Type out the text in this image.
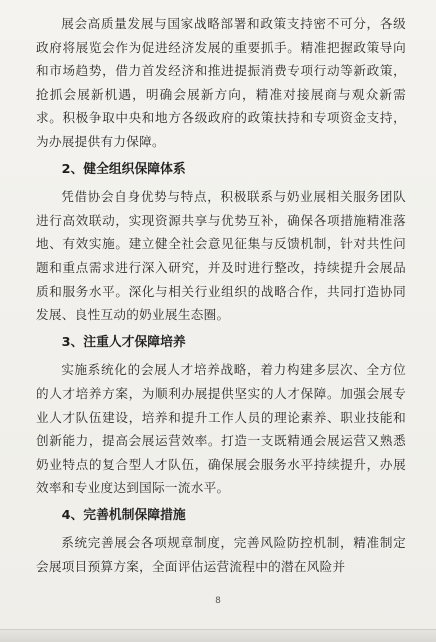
展会高质量发展与国家战略部署和政策支持密不可分，各级政府将展览会作为促进经济发展的重要抓手。精准把握政策导向和市场趋势，借力首发经济和推进提振消费专项行动等新政策，抢抓会展新机遇，明确会展新方向，精准对接展商与观众新需求。积极争取中央和地方各级政府的政策扶持和专项资金支持，为办展提供有力保障。

2、健全组织保障体系

凭借协会自身优势与特点，积极联系与奶业展相关服务团队进行高效联动，实现资源共享与优势互补，确保各项措施精准落地、有效实施。建立健全社会意见征集与反馈机制，针对共性问题和重点需求进行深入研究，并及时进行整改，持续提升会展品质和服务水平。深化与相关行业组织的战略合作，共同打造协同发展、良性互动的奶业展生态圈。

3、注重人才保障培养

实施系统化的会展人才培养战略，着力构建多层次、全方位的人才培养方案，为顺利办展提供坚实的人才保障。加强会展专业人才队伍建设，培养和提升工作人员的理论素养、职业技能和创新能力，提高会展运营效率。打造一支既精通会展运营又熟悉奶业特点的复合型人才队伍，确保展会服务水平持续提升，办展效率和专业度达到国际一流水平。

4、完善机制保障措施

系统完善展会各项规章制度，完善风险防控机制，精准制定会展项目预算方案，全面评估运营流程中的潜在风险并

8
